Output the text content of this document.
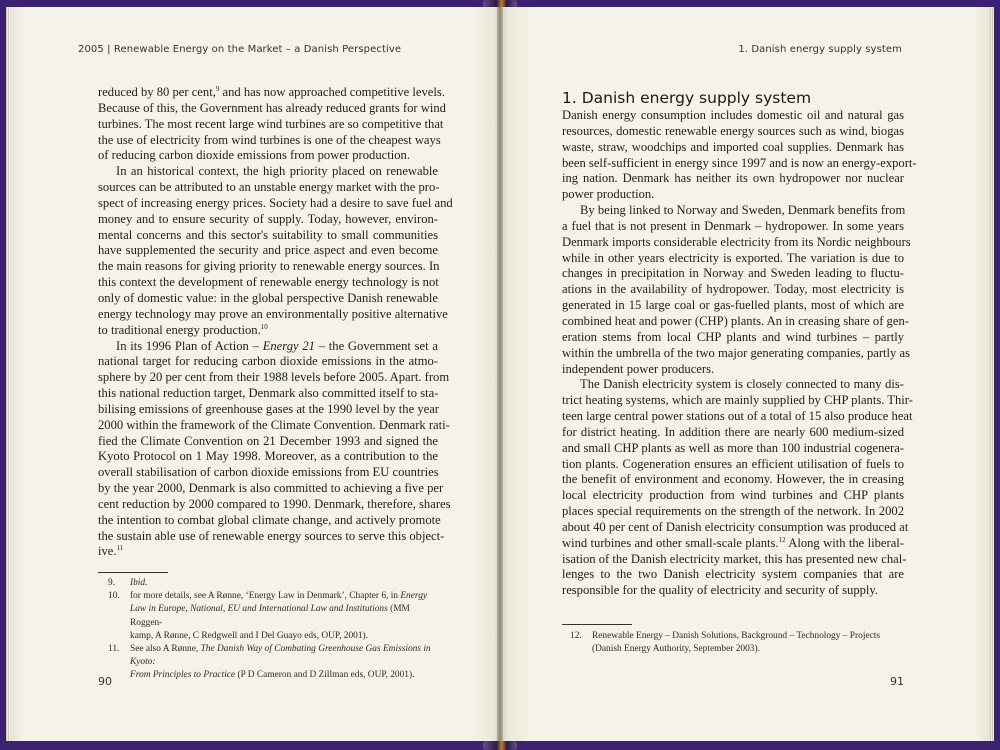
2005 | Renewable Energy on the Market – a Danish Perspective
reduced by 80 per cent,$^9$ and has now approached competitive levels.
Because of this, the Government has already reduced grants for wind
turbines. The most recent large wind turbines are so competitive that
the use of electricity from wind turbines is one of the cheapest ways
of reducing carbon dioxide emissions from power production.
In an historical context, the high priority placed on renewable
sources can be attributed to an unstable energy market with the pro-
spect of increasing energy prices. Society had a desire to save fuel and
money and to ensure security of supply. Today, however, environ-
mental concerns and this sector's suitability to small communities
have supplemented the security and price aspect and even become
the main reasons for giving priority to renewable energy sources. In
this context the development of renewable energy technology is not
only of domestic value: in the global perspective Danish renewable
energy technology may prove an environmentally positive alternative
to traditional energy production.$^{10}$
In its 1996 Plan of Action – Energy 21 – the Government set a
national target for reducing carbon dioxide emissions in the atmo-
sphere by 20 per cent from their 1988 levels before 2005. Apart. from
this national reduction target, Denmark also committed itself to sta-
bilising emissions of greenhouse gases at the 1990 level by the year
2000 within the framework of the Climate Convention. Denmark rati-
fied the Climate Convention on 21 December 1993 and signed the
Kyoto Protocol on 1 May 1998. Moreover, as a contribution to the
overall stabilisation of carbon dioxide emissions from EU countries
by the year 2000, Denmark is also committed to achieving a five per
cent reduction by 2000 compared to 1990. Denmark, therefore, shares
the intention to combat global climate change, and actively promote
the sustain able use of renewable energy sources to serve this object-
ive.$^{11}$
9.	Ibid.
10.	for more details, see A Rønne, ‘Energy Law in Denmark’, Chapter 6, in Energy
Law in Europe, National, EU and International Law and Institutions (MM Roggen-
kamp, A Rønne, C Redgwell and I Del Guayo eds, OUP, 2001).
11.	See also A Rønne, The Danish Way of Combating Greenhouse Gas Emissions in Kyoto:
From Principles to Practice (P D Cameron and D Zillman eds, OUP, 2001).
90
1. Danish energy supply system
1. Danish energy supply system
Danish energy consumption includes domestic oil and natural gas
resources, domestic renewable energy sources such as wind, biogas
waste, straw, woodchips and imported coal supplies. Denmark has
been self-sufficient in energy since 1997 and is now an energy-export-
ing nation. Denmark has neither its own hydropower nor nuclear
power production.
By being linked to Norway and Sweden, Denmark benefits from
a fuel that is not present in Denmark – hydropower. In some years
Denmark imports considerable electricity from its Nordic neighbours
while in other years electricity is exported. The variation is due to
changes in precipitation in Norway and Sweden leading to fluctu-
ations in the availability of hydropower. Today, most electricity is
generated in 15 large coal or gas-fuelled plants, most of which are
combined heat and power (CHP) plants. An in creasing share of gen-
eration stems from local CHP plants and wind turbines – partly
within the umbrella of the two major generating companies, partly as
independent power producers.
The Danish electricity system is closely connected to many dis-
trict heating systems, which are mainly supplied by CHP plants. Thir-
teen large central power stations out of a total of 15 also produce heat
for district heating. In addition there are nearly 600 medium-sized
and small CHP plants as well as more than 100 industrial cogenera-
tion plants. Cogeneration ensures an efficient utilisation of fuels to
the benefit of environment and economy. However, the in creasing
local electricity production from wind turbines and CHP plants
places special requirements on the strength of the network. In 2002
about 40 per cent of Danish electricity consumption was produced at
wind turbines and other small-scale plants.$^{12}$ Along with the liberal-
isation of the Danish electricity market, this has presented new chal-
lenges to the two Danish electricity system companies that are
responsible for the quality of electricity and security of supply.
12.	Renewable Energy – Danish Solutions, Background – Technology – Projects
(Danish Energy Authority, September 2003).
91
